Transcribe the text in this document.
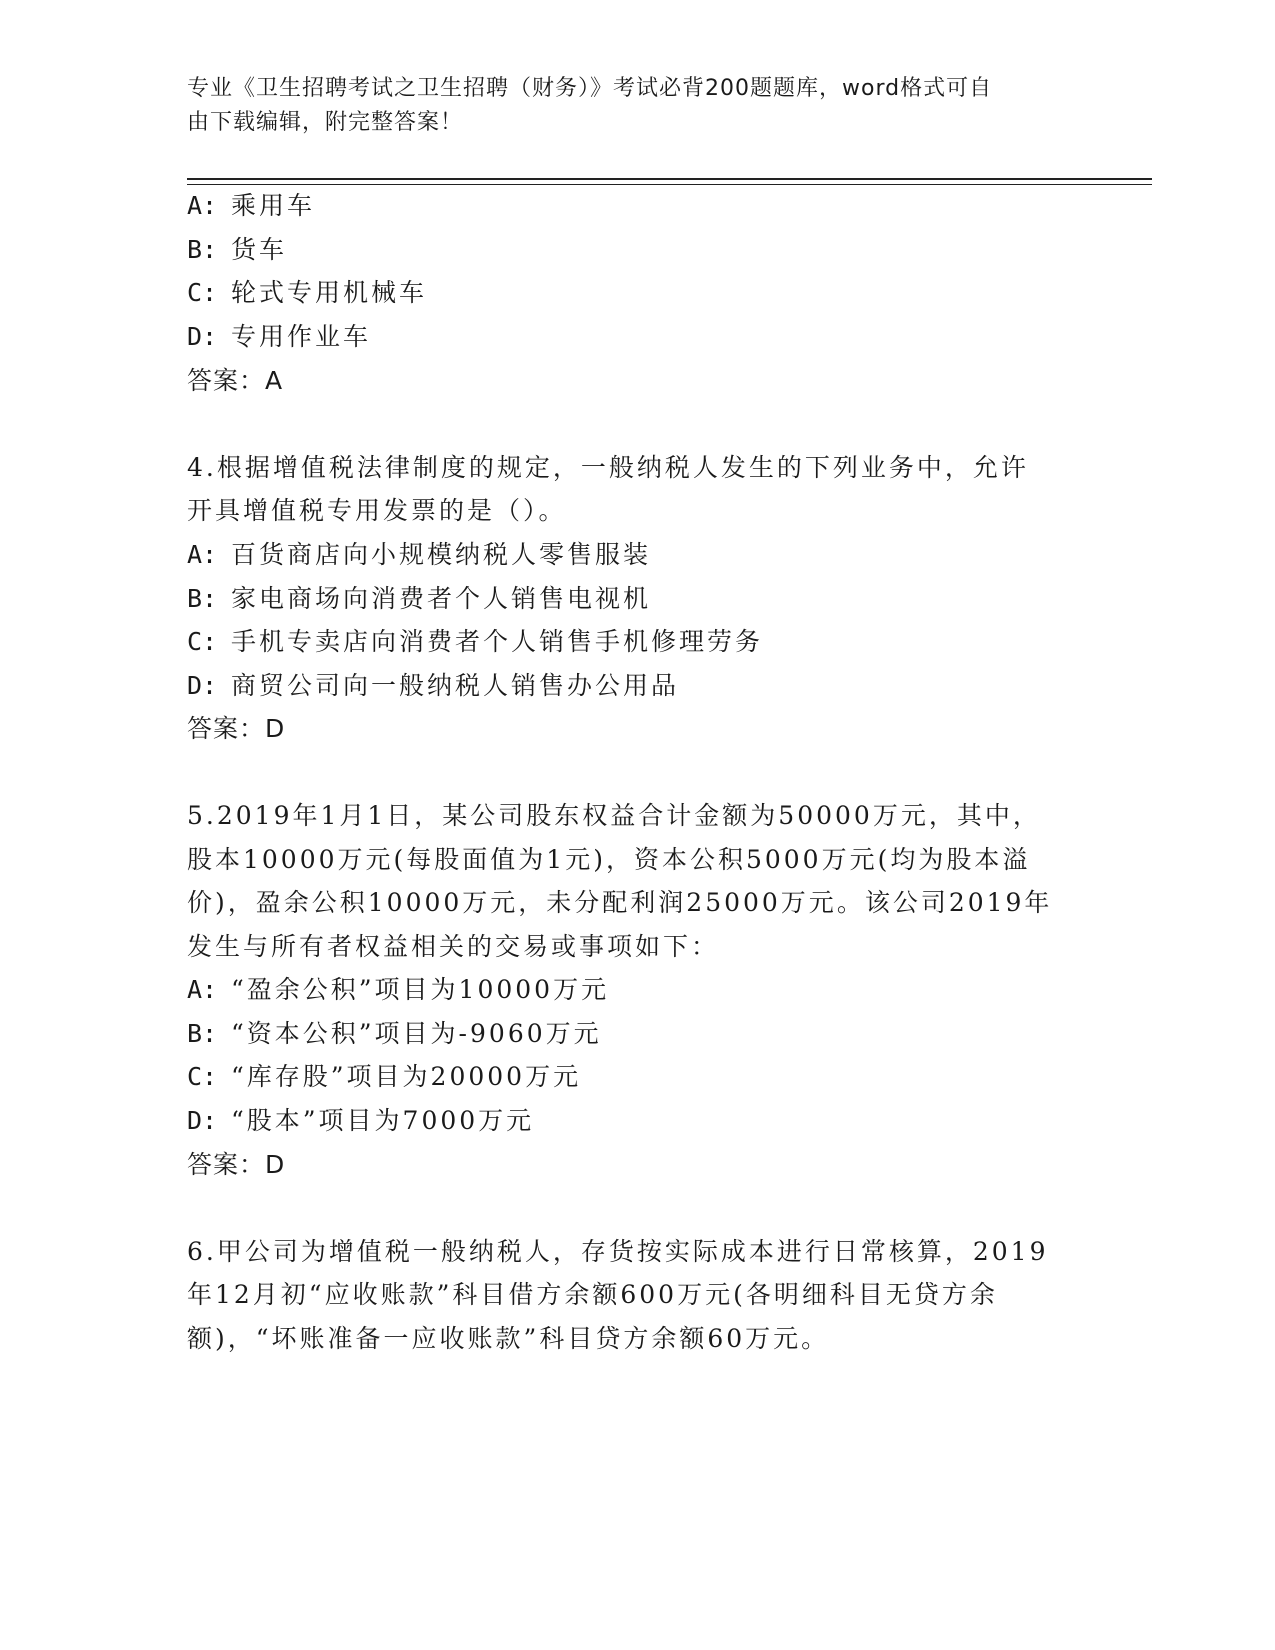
专业《卫生招聘考试之卫生招聘（财务）》考试必背200题题库，word格式可自
由下载编辑，附完整答案！
A: 乘用车
B: 货车
C: 轮式专用机械车
D: 专用作业车
答案：A
4.根据增值税法律制度的规定，一般纳税人发生的下列业务中，允许
开具增值税专用发票的是（）。
A: 百货商店向小规模纳税人零售服装
B: 家电商场向消费者个人销售电视机
C: 手机专卖店向消费者个人销售手机修理劳务
D: 商贸公司向一般纳税人销售办公用品
答案：D
5.2019年1月1日，某公司股东权益合计金额为50000万元，其中，
股本10000万元(每股面值为1元)，资本公积5000万元(均为股本溢
价)，盈余公积10000万元，未分配利润25000万元。该公司2019年
发生与所有者权益相关的交易或事项如下：
A: “盈余公积”项目为10000万元
B: “资本公积”项目为-9060万元
C: “库存股”项目为20000万元
D: “股本”项目为7000万元
答案：D
6.甲公司为增值税一般纳税人，存货按实际成本进行日常核算，2019
年12月初“应收账款”科目借方余额600万元(各明细科目无贷方余
额)，“坏账准备一应收账款”科目贷方余额60万元。
